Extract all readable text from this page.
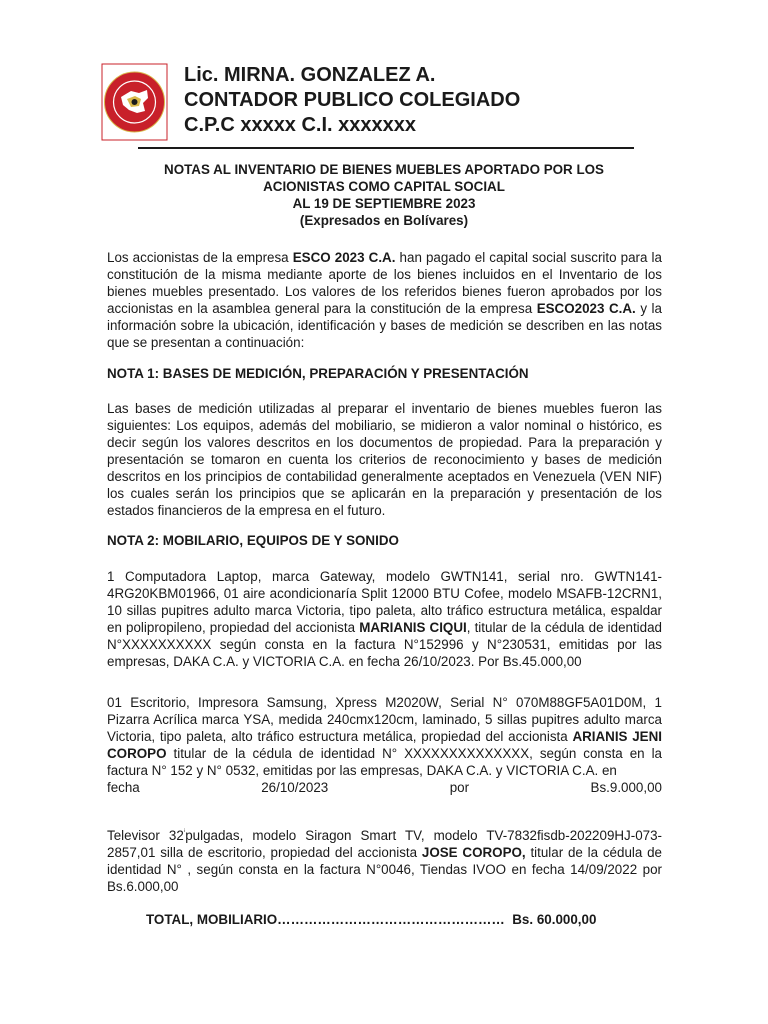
Lic. MIRNA. GONZALEZ A.
CONTADOR PUBLICO COLEGIADO
C.P.C xxxxx C.I. xxxxxxx
NOTAS AL INVENTARIO DE BIENES MUEBLES APORTADO POR LOS
ACIONISTAS COMO CAPITAL SOCIAL
AL 19 DE SEPTIEMBRE 2023
(Expresados en Bolívares)
Los accionistas de la empresa ESCO 2023 C.A. han pagado el capital social suscrito para la constitución de la misma mediante aporte de los bienes incluidos en el Inventario de los bienes muebles presentado. Los valores de los referidos bienes fueron aprobados por los accionistas en la asamblea general para la constitución de la empresa ESCO2023 C.A. y la información sobre la ubicación, identificación y bases de medición se describen en las notas que se presentan a continuación:
NOTA 1: BASES DE MEDICIÓN, PREPARACIÓN Y PRESENTACIÓN
Las bases de medición utilizadas al preparar el inventario de bienes muebles fueron las siguientes: Los equipos, además del mobiliario, se midieron a valor nominal o histórico, es decir según los valores descritos en los documentos de propiedad. Para la preparación y presentación se tomaron en cuenta los criterios de reconocimiento y bases de medición descritos en los principios de contabilidad generalmente aceptados en Venezuela (VEN NIF) los cuales serán los principios que se aplicarán en la preparación y presentación de los estados financieros de la empresa en el futuro.
NOTA 2: MOBILARIO, EQUIPOS DE Y SONIDO
1 Computadora Laptop, marca Gateway, modelo GWTN141, serial nro. GWTN141-4RG20KBM01966, 01 aire acondicionaría Split 12000 BTU Cofee, modelo MSAFB-12CRN1, 10 sillas pupitres adulto marca Victoria, tipo paleta, alto tráfico estructura metálica, espaldar en polipropileno, propiedad del accionista MARIANIS CIQUI, titular de la cédula de identidad N°XXXXXXXXXX según consta en la factura N°152996 y N°230531, emitidas por las empresas, DAKA C.A. y VICTORIA C.A. en fecha 26/10/2023. Por Bs.45.000,00
01 Escritorio, Impresora Samsung, Xpress M2020W, Serial N° 070M88GF5A01D0M, 1 Pizarra Acrílica marca YSA, medida 240cmx120cm, laminado, 5 sillas pupitres adulto marca Victoria, tipo paleta, alto tráfico estructura metálica, propiedad del accionista ARIANIS JENI COROPO titular de la cédula de identidad N° XXXXXXXXXXXXXX, según consta en la factura N° 152 y N° 0532, emitidas por las empresas, DAKA C.A. y VICTORIA C.A. en
fecha 26/10/2023 por Bs.9.000,00
Televisor $32^{^i}pulgadas$, modelo Siragon Smart TV, modelo TV-7832fisdb-202209HJ-073-2857,01 silla de escritorio, propiedad del accionista JOSE COROPO, titular de la cédula de identidad N° , según consta en la factura N°0046, Tiendas IVOO en fecha 14/09/2022 por Bs.6.000,00
TOTAL, MOBILIARIO…………………………………………… Bs. 60.000,00
